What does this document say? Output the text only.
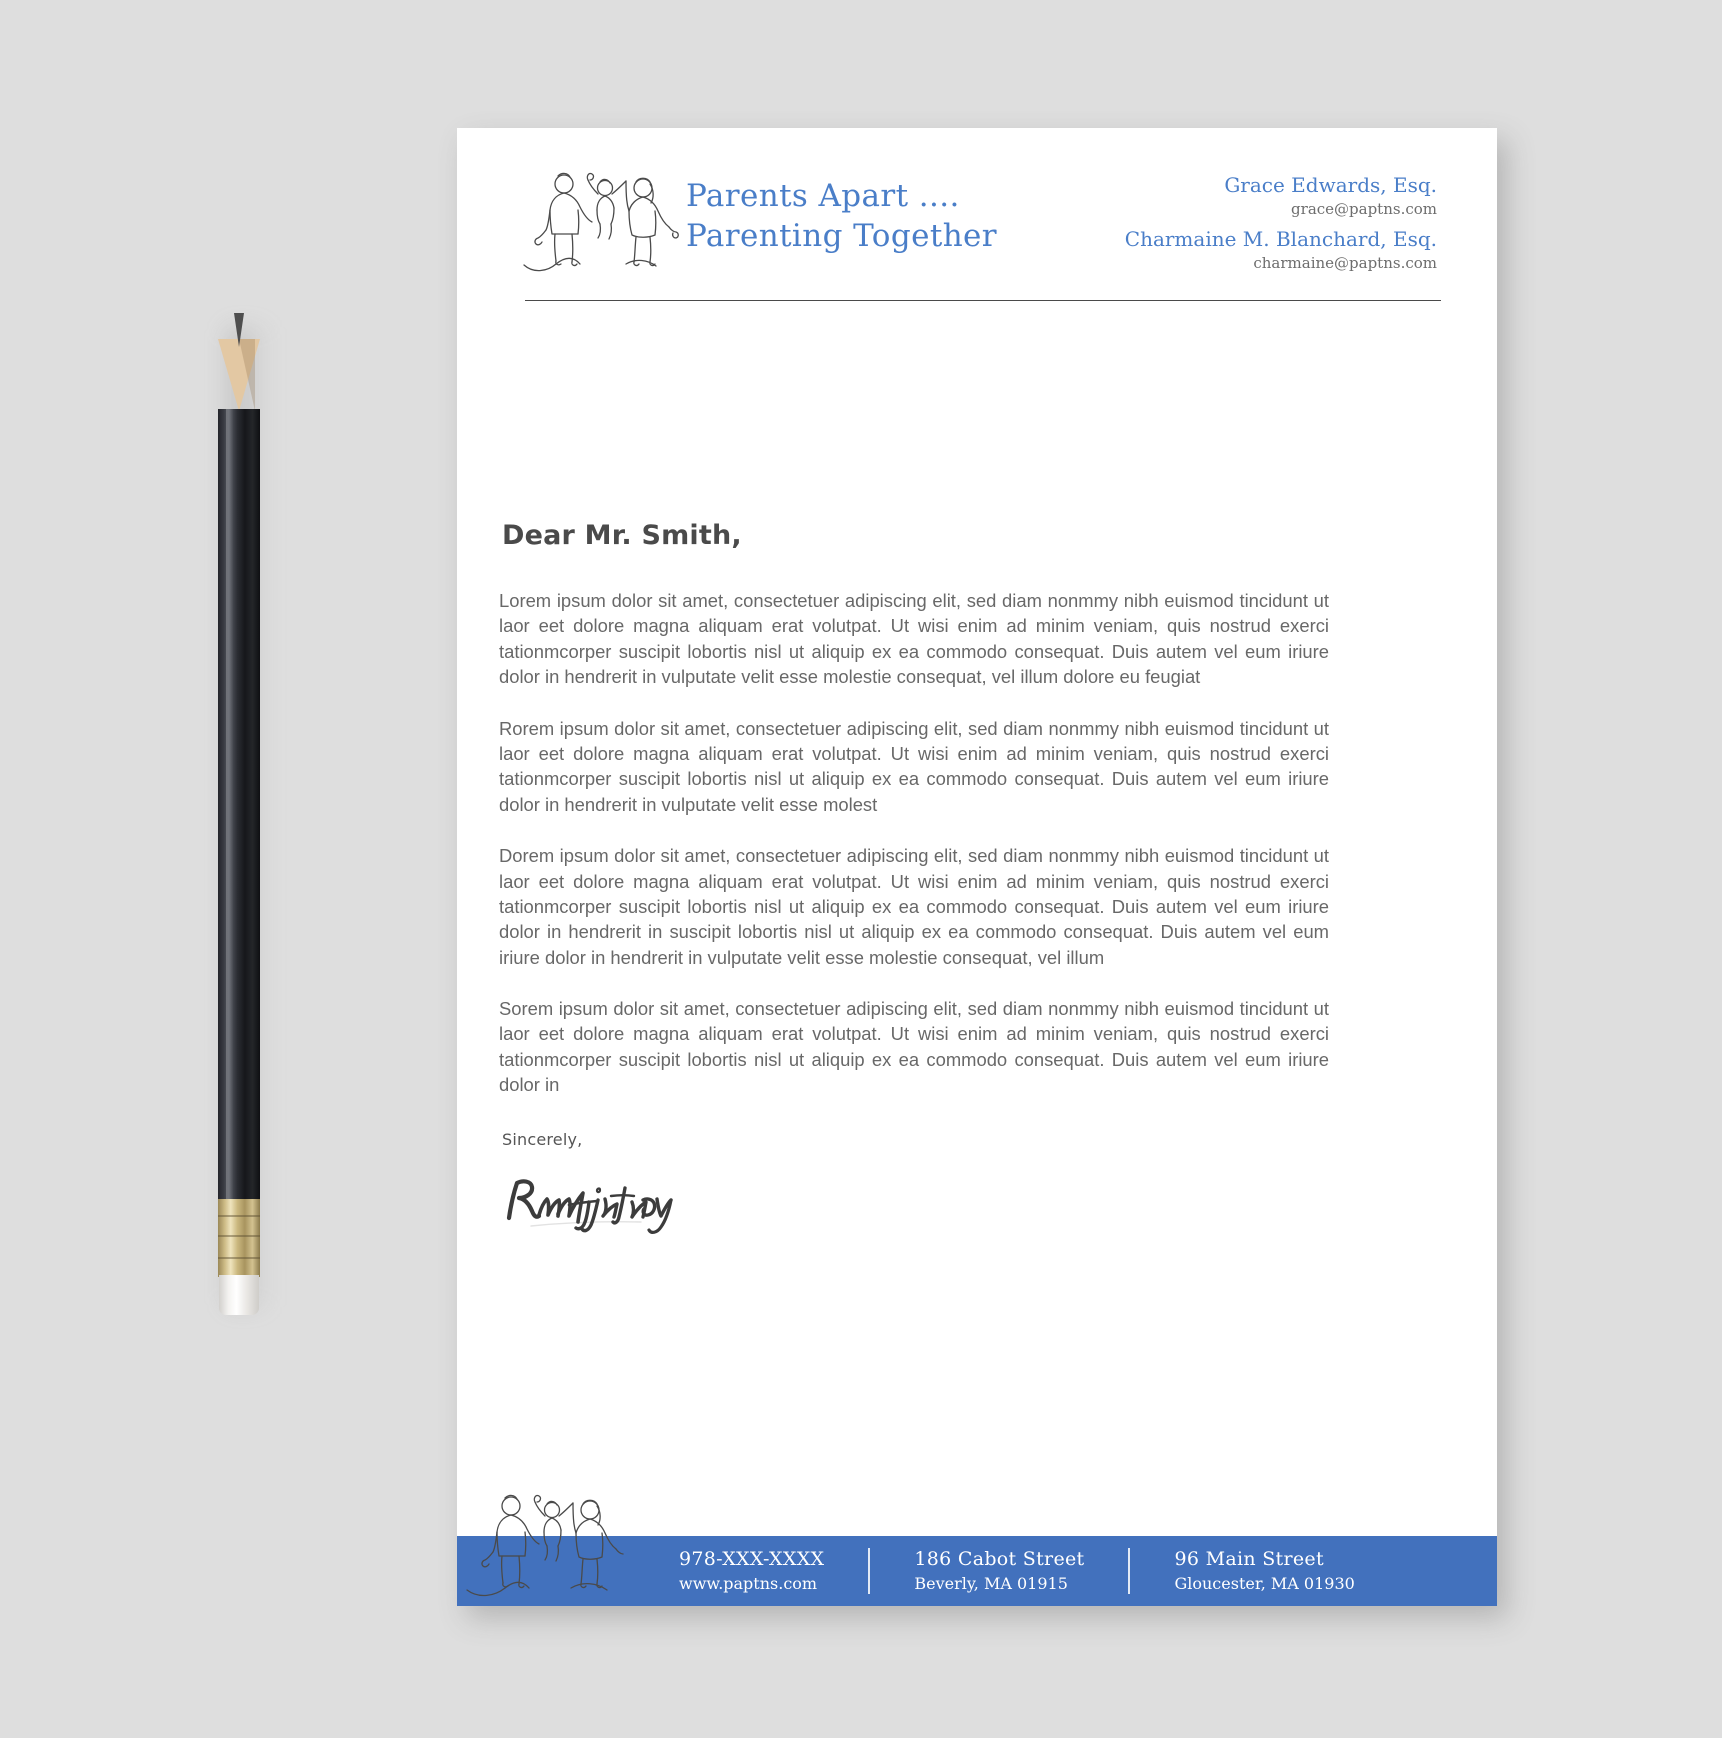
Parents Apart ....
Parenting Together
Grace Edwards, Esq.
grace@paptns.com
Charmaine M. Blanchard, Esq.
charmaine@paptns.com
Dear Mr. Smith,

Lorem ipsum dolor sit amet, consectetuer adipiscing elit, sed diam nonmmy nibh euismod tincidunt ut laor eet dolore magna aliquam erat volutpat. Ut wisi enim ad minim veniam, quis nostrud exerci tationmcorper suscipit lobortis nisl ut aliquip ex ea commodo consequat. Duis autem vel eum iriure dolor in hendrerit in vulputate velit esse molestie consequat, vel illum dolore eu feugiat

Rorem ipsum dolor sit amet, consectetuer adipiscing elit, sed diam nonmmy nibh euismod tincidunt ut laor eet dolore magna aliquam erat volutpat. Ut wisi enim ad minim veniam, quis nostrud exerci tationmcorper suscipit lobortis nisl ut aliquip ex ea commodo consequat. Duis autem vel eum iriure dolor in hendrerit in vulputate velit esse molest

Dorem ipsum dolor sit amet, consectetuer adipiscing elit, sed diam nonmmy nibh euismod tincidunt ut laor eet dolore magna aliquam erat volutpat. Ut wisi enim ad minim veniam, quis nostrud exerci tationmcorper suscipit lobortis nisl ut aliquip ex ea commodo consequat. Duis autem vel eum iriure dolor in hendrerit in suscipit lobortis nisl ut aliquip ex ea commodo consequat. Duis autem vel eum iriure dolor in hendrerit in vulputate velit esse molestie consequat, vel illum

Sorem ipsum dolor sit amet, consectetuer adipiscing elit, sed diam nonmmy nibh euismod tincidunt ut laor eet dolore magna aliquam erat volutpat. Ut wisi enim ad minim veniam, quis nostrud exerci tationmcorper suscipit lobortis nisl ut aliquip ex ea commodo consequat. Duis autem vel eum iriure dolor in

Sincerely,
978-XXX-XXXX
www.paptns.com
186 Cabot Street
Beverly, MA 01915
96 Main Street
Gloucester, MA 01930
